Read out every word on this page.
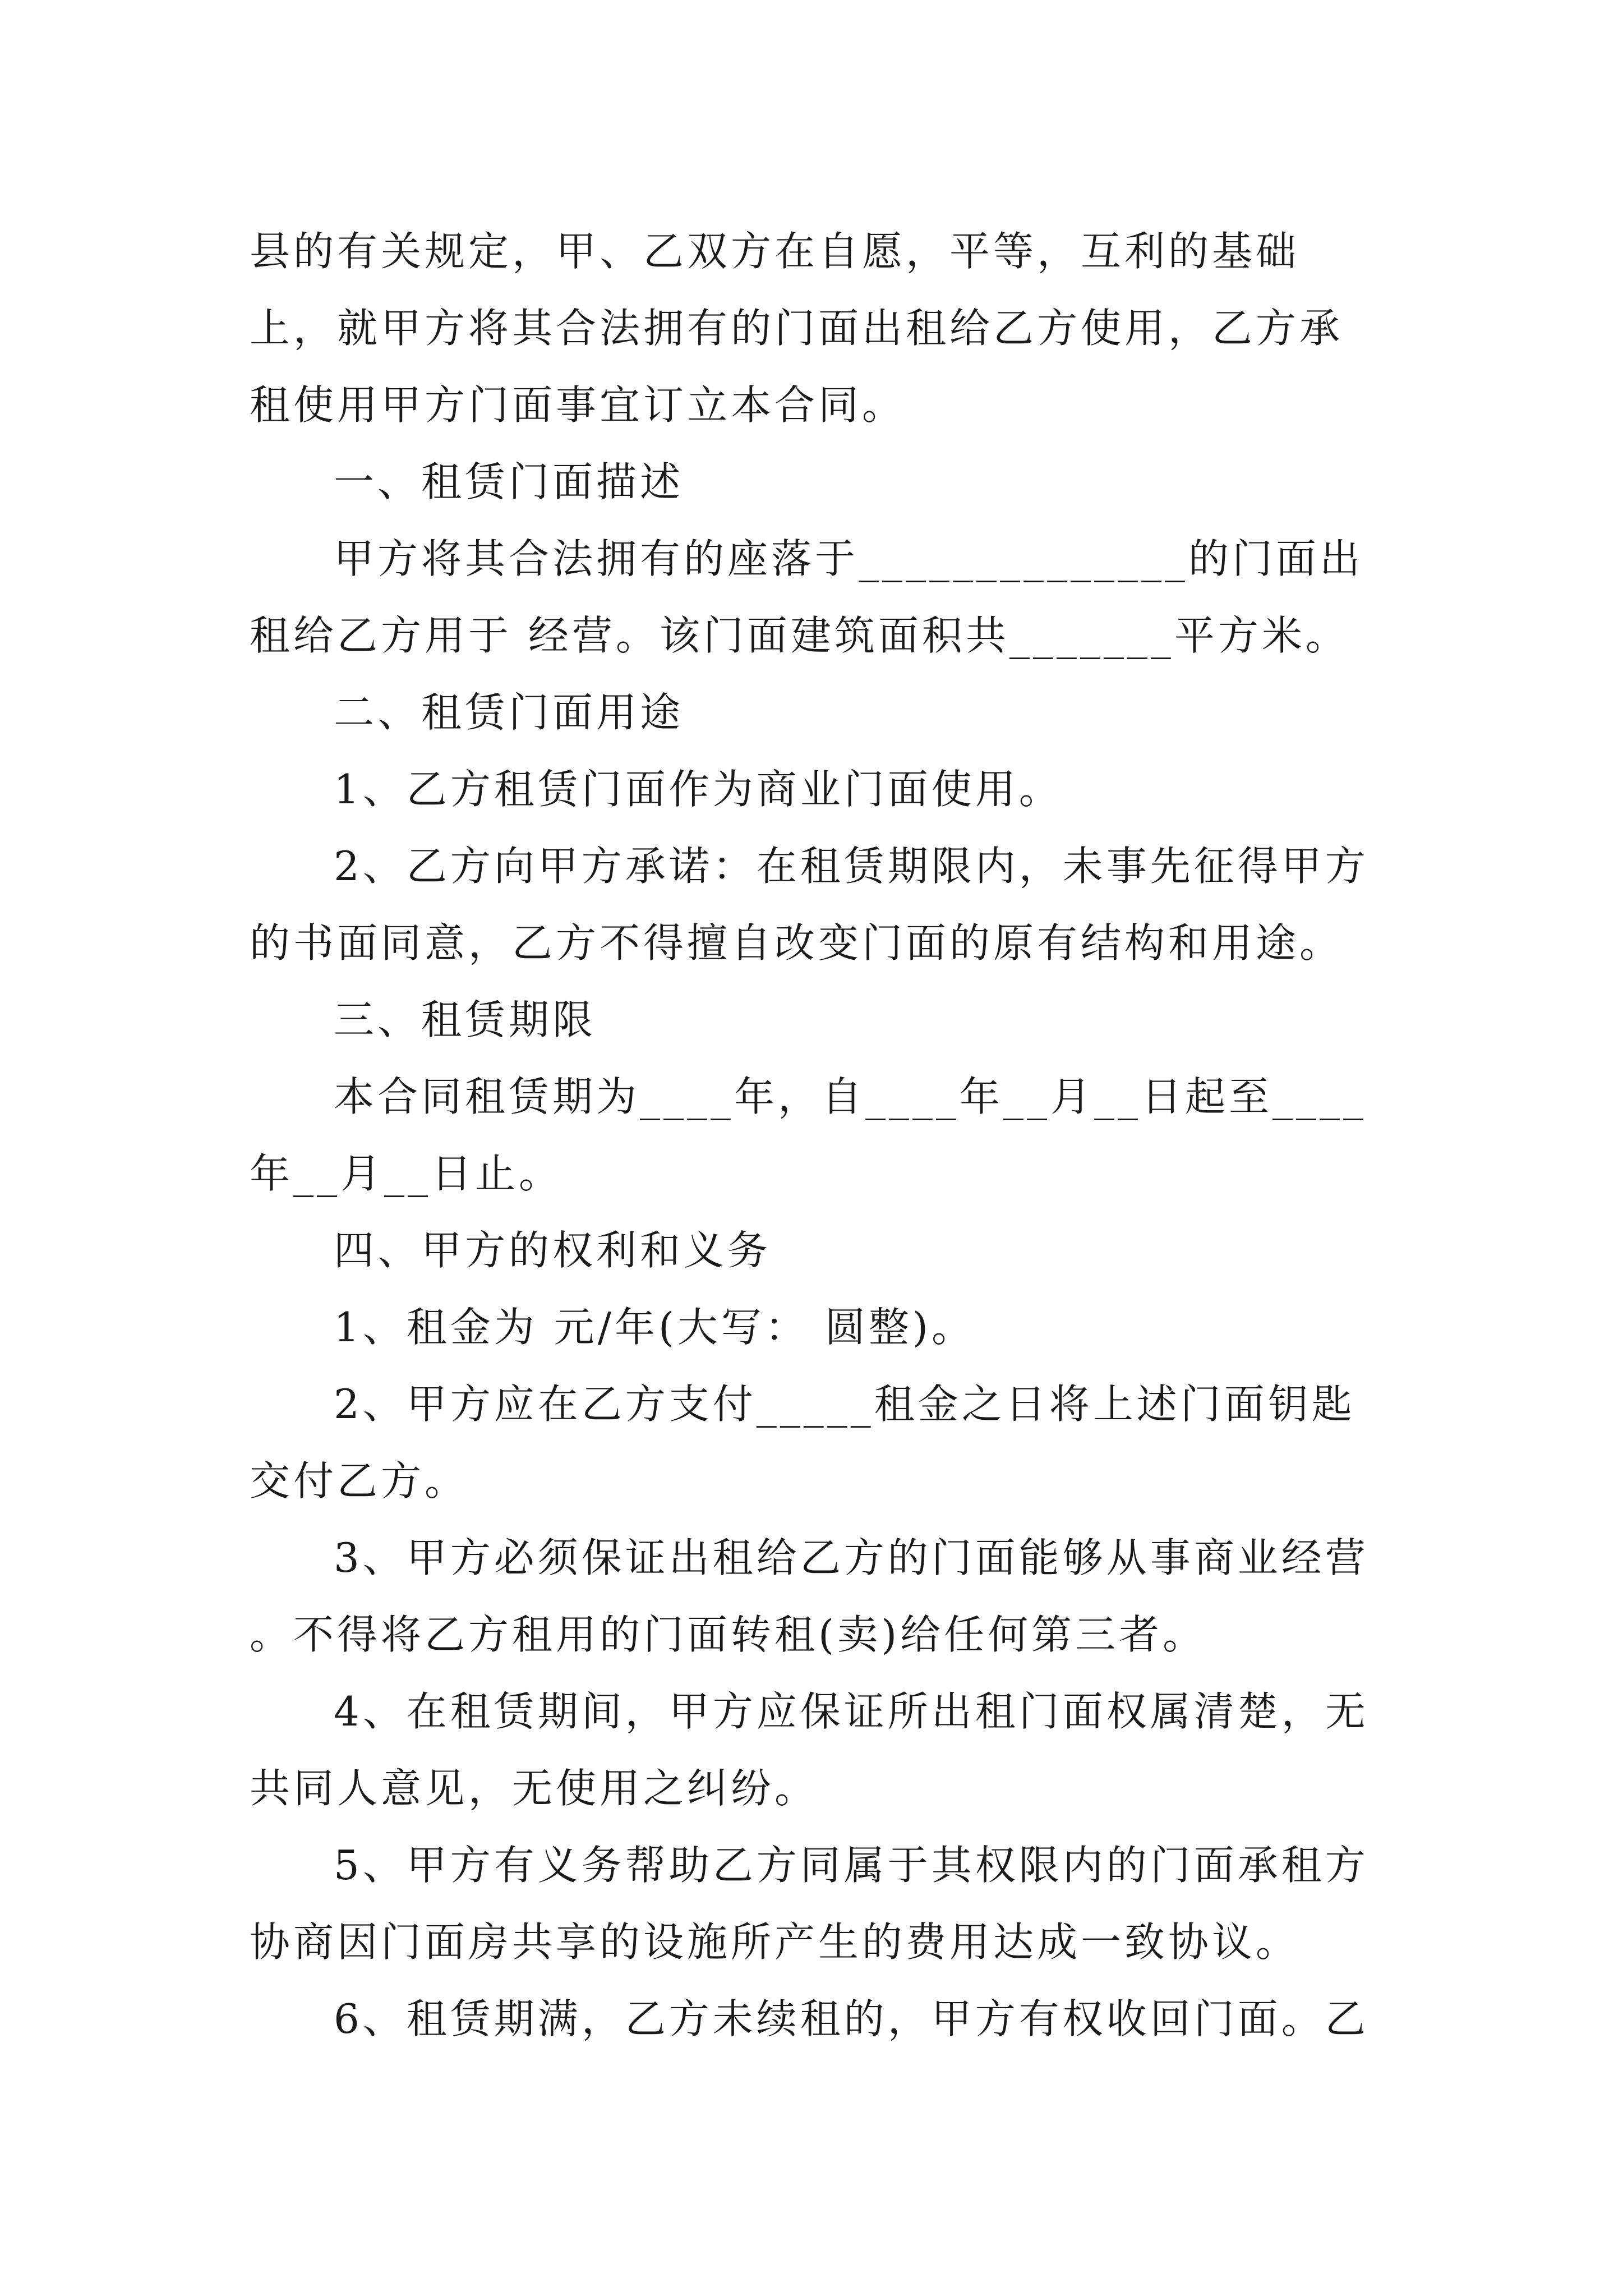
县的有关规定，甲、乙双方在自愿，平等，互利的基础上，就甲方将其合法拥有的门面出租给乙方使用，乙方承租使用甲方门面事宜订立本合同。

一、租赁门面描述

甲方将其合法拥有的座落于______________的门面出租给乙方用于 经营。该门面建筑面积共_______平方米。

二、租赁门面用途

1、乙方租赁门面作为商业门面使用。

2、乙方向甲方承诺：在租赁期限内，未事先征得甲方的书面同意，乙方不得擅自改变门面的原有结构和用途。

三、租赁期限

本合同租赁期为____年，自____年__月__日起至____年__月__日止。

四、甲方的权利和义务

1、租金为 元/年(大写： 圆整)。

2、甲方应在乙方支付_____租金之日将上述门面钥匙交付乙方。

3、甲方必须保证出租给乙方的门面能够从事商业经营 。不得将乙方租用的门面转租(卖)给任何第三者。

4、在租赁期间，甲方应保证所出租门面权属清楚，无共同人意见，无使用之纠纷。

5、甲方有义务帮助乙方同属于其权限内的门面承租方协商因门面房共享的设施所产生的费用达成一致协议。

6、租赁期满，乙方未续租的，甲方有权收回门面。乙
